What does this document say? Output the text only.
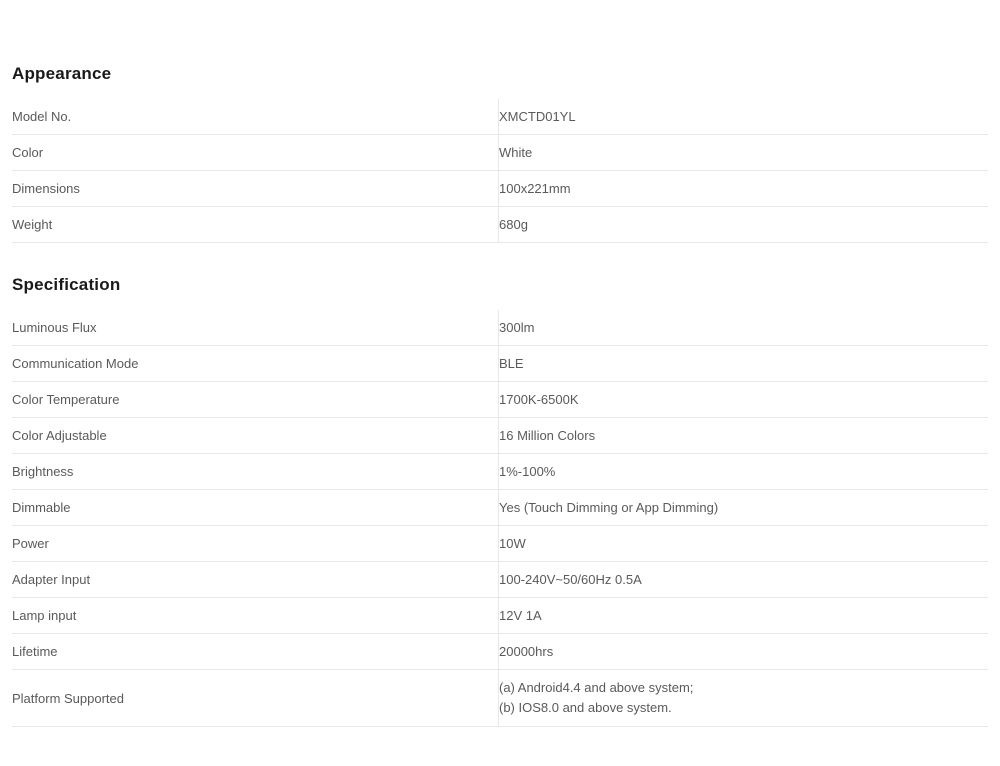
Appearance
Model No.	XMCTD01YL
Color	White
Dimensions	100x221mm
Weight	680g
Specification
Luminous Flux	300lm
Communication Mode	BLE
Color Temperature	1700K-6500K
Color Adjustable	16 Million Colors
Brightness	1%-100%
Dimmable	Yes (Touch Dimming or App Dimming)
Power	10W
Adapter Input	100-240V~50/60Hz 0.5A
Lamp input	12V 1A
Lifetime	20000hrs
Platform Supported	(a) Android4.4 and above system;
(b) IOS8.0 and above system.
